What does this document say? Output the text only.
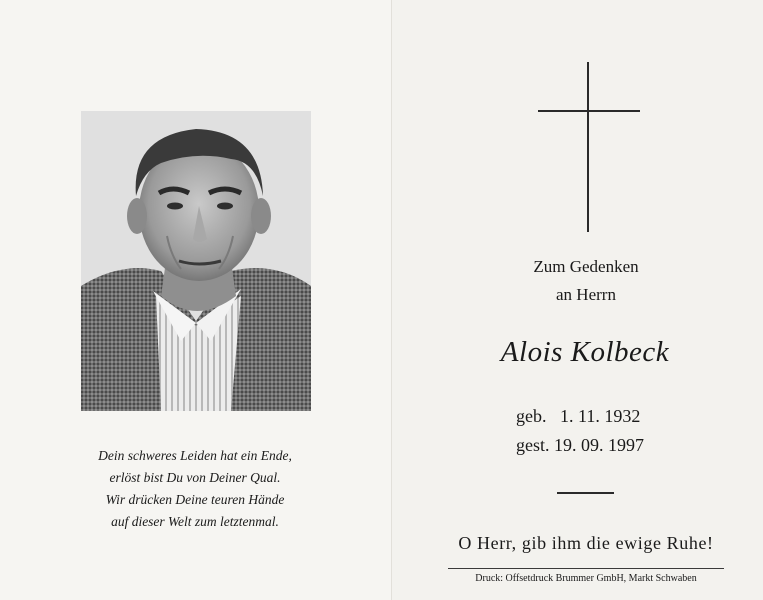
Dein schweres Leiden hat ein Ende,
erlöst bist Du von Deiner Qual.
Wir drücken Deine teuren Hände
auf dieser Welt zum letztenmal.
Zum Gedenken
an Herrn
Alois Kolbeck
geb. 1. 11. 1932
gest. 19. 09. 1997
O Herr, gib ihm die ewige Ruhe!
Druck: Offsetdruck Brummer GmbH, Markt Schwaben
